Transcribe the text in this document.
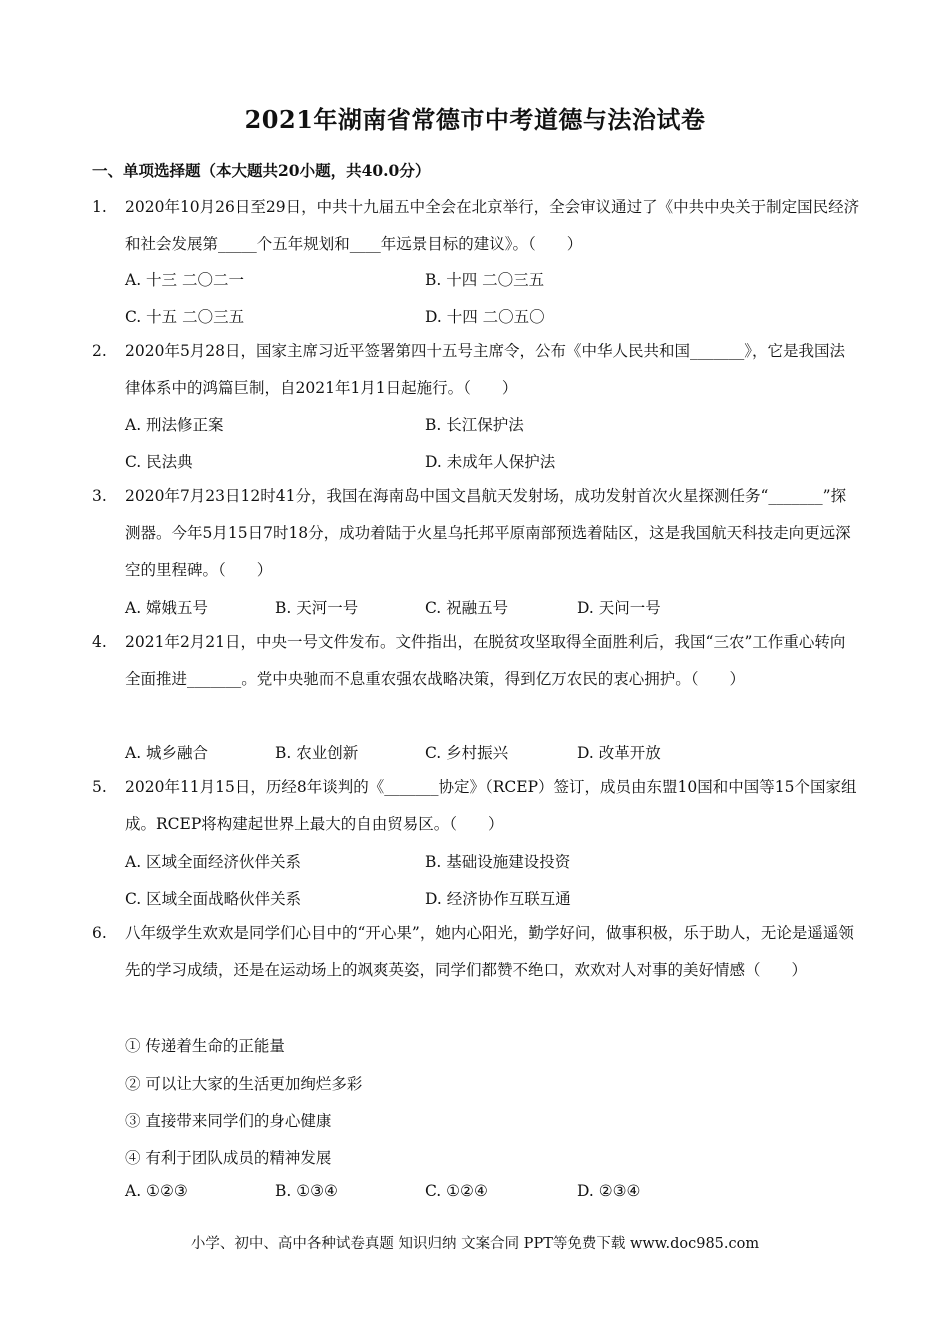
2021年湖南省常德市中考道德与法治试卷
一、单项选择题（本大题共20小题，共40.0分）
1. 2020年10月26日至29日，中共十九届五中全会在北京举行，全会审议通过了《中共中央关于制定国民经济和社会发展第_____个五年规划和____年远景目标的建议》。（　　）
A. 十三 二〇二一	B. 十四 二〇三五
C. 十五 二〇三五	D. 十四 二〇五〇
2. 2020年5月28日，国家主席习近平签署第四十五号主席令，公布《中华人民共和国_______》，它是我国法律体系中的鸿篇巨制，自2021年1月1日起施行。（　　）
A. 刑法修正案	B. 长江保护法
C. 民法典	D. 未成年人保护法
3. 2020年7月23日12时41分，我国在海南岛中国文昌航天发射场，成功发射首次火星探测任务“_______”探测器。今年5月15日7时18分，成功着陆于火星乌托邦平原南部预选着陆区，这是我国航天科技走向更远深空的里程碑。（　　）
A. 嫦娥五号	B. 天河一号	C. 祝融五号	D. 天问一号
4. 2021年2月21日，中央一号文件发布。文件指出，在脱贫攻坚取得全面胜利后，我国“三农”工作重心转向全面推进_______。党中央驰而不息重农强农战略决策，得到亿万农民的衷心拥护。（　　）
A. 城乡融合	B. 农业创新	C. 乡村振兴	D. 改革开放
5. 2020年11月15日，历经8年谈判的《_______协定》（RCEP）签订，成员由东盟10国和中国等15个国家组成。RCEP将构建起世界上最大的自由贸易区。（　　）
A. 区域全面经济伙伴关系	B. 基础设施建设投资
C. 区域全面战略伙伴关系	D. 经济协作互联互通
6. 八年级学生欢欢是同学们心目中的“开心果”，她内心阳光，勤学好问，做事积极，乐于助人，无论是遥遥领先的学习成绩，还是在运动场上的飒爽英姿，同学们都赞不绝口，欢欢对人对事的美好情感（　　）
① 传递着生命的正能量
② 可以让大家的生活更加绚烂多彩
③ 直接带来同学们的身心健康
④ 有利于团队成员的精神发展
A. ①②③	B. ①③④	C. ①②④	D. ②③④
小学、初中、高中各种试卷真题 知识归纳 文案合同 PPT等免费下载 www.doc985.com
